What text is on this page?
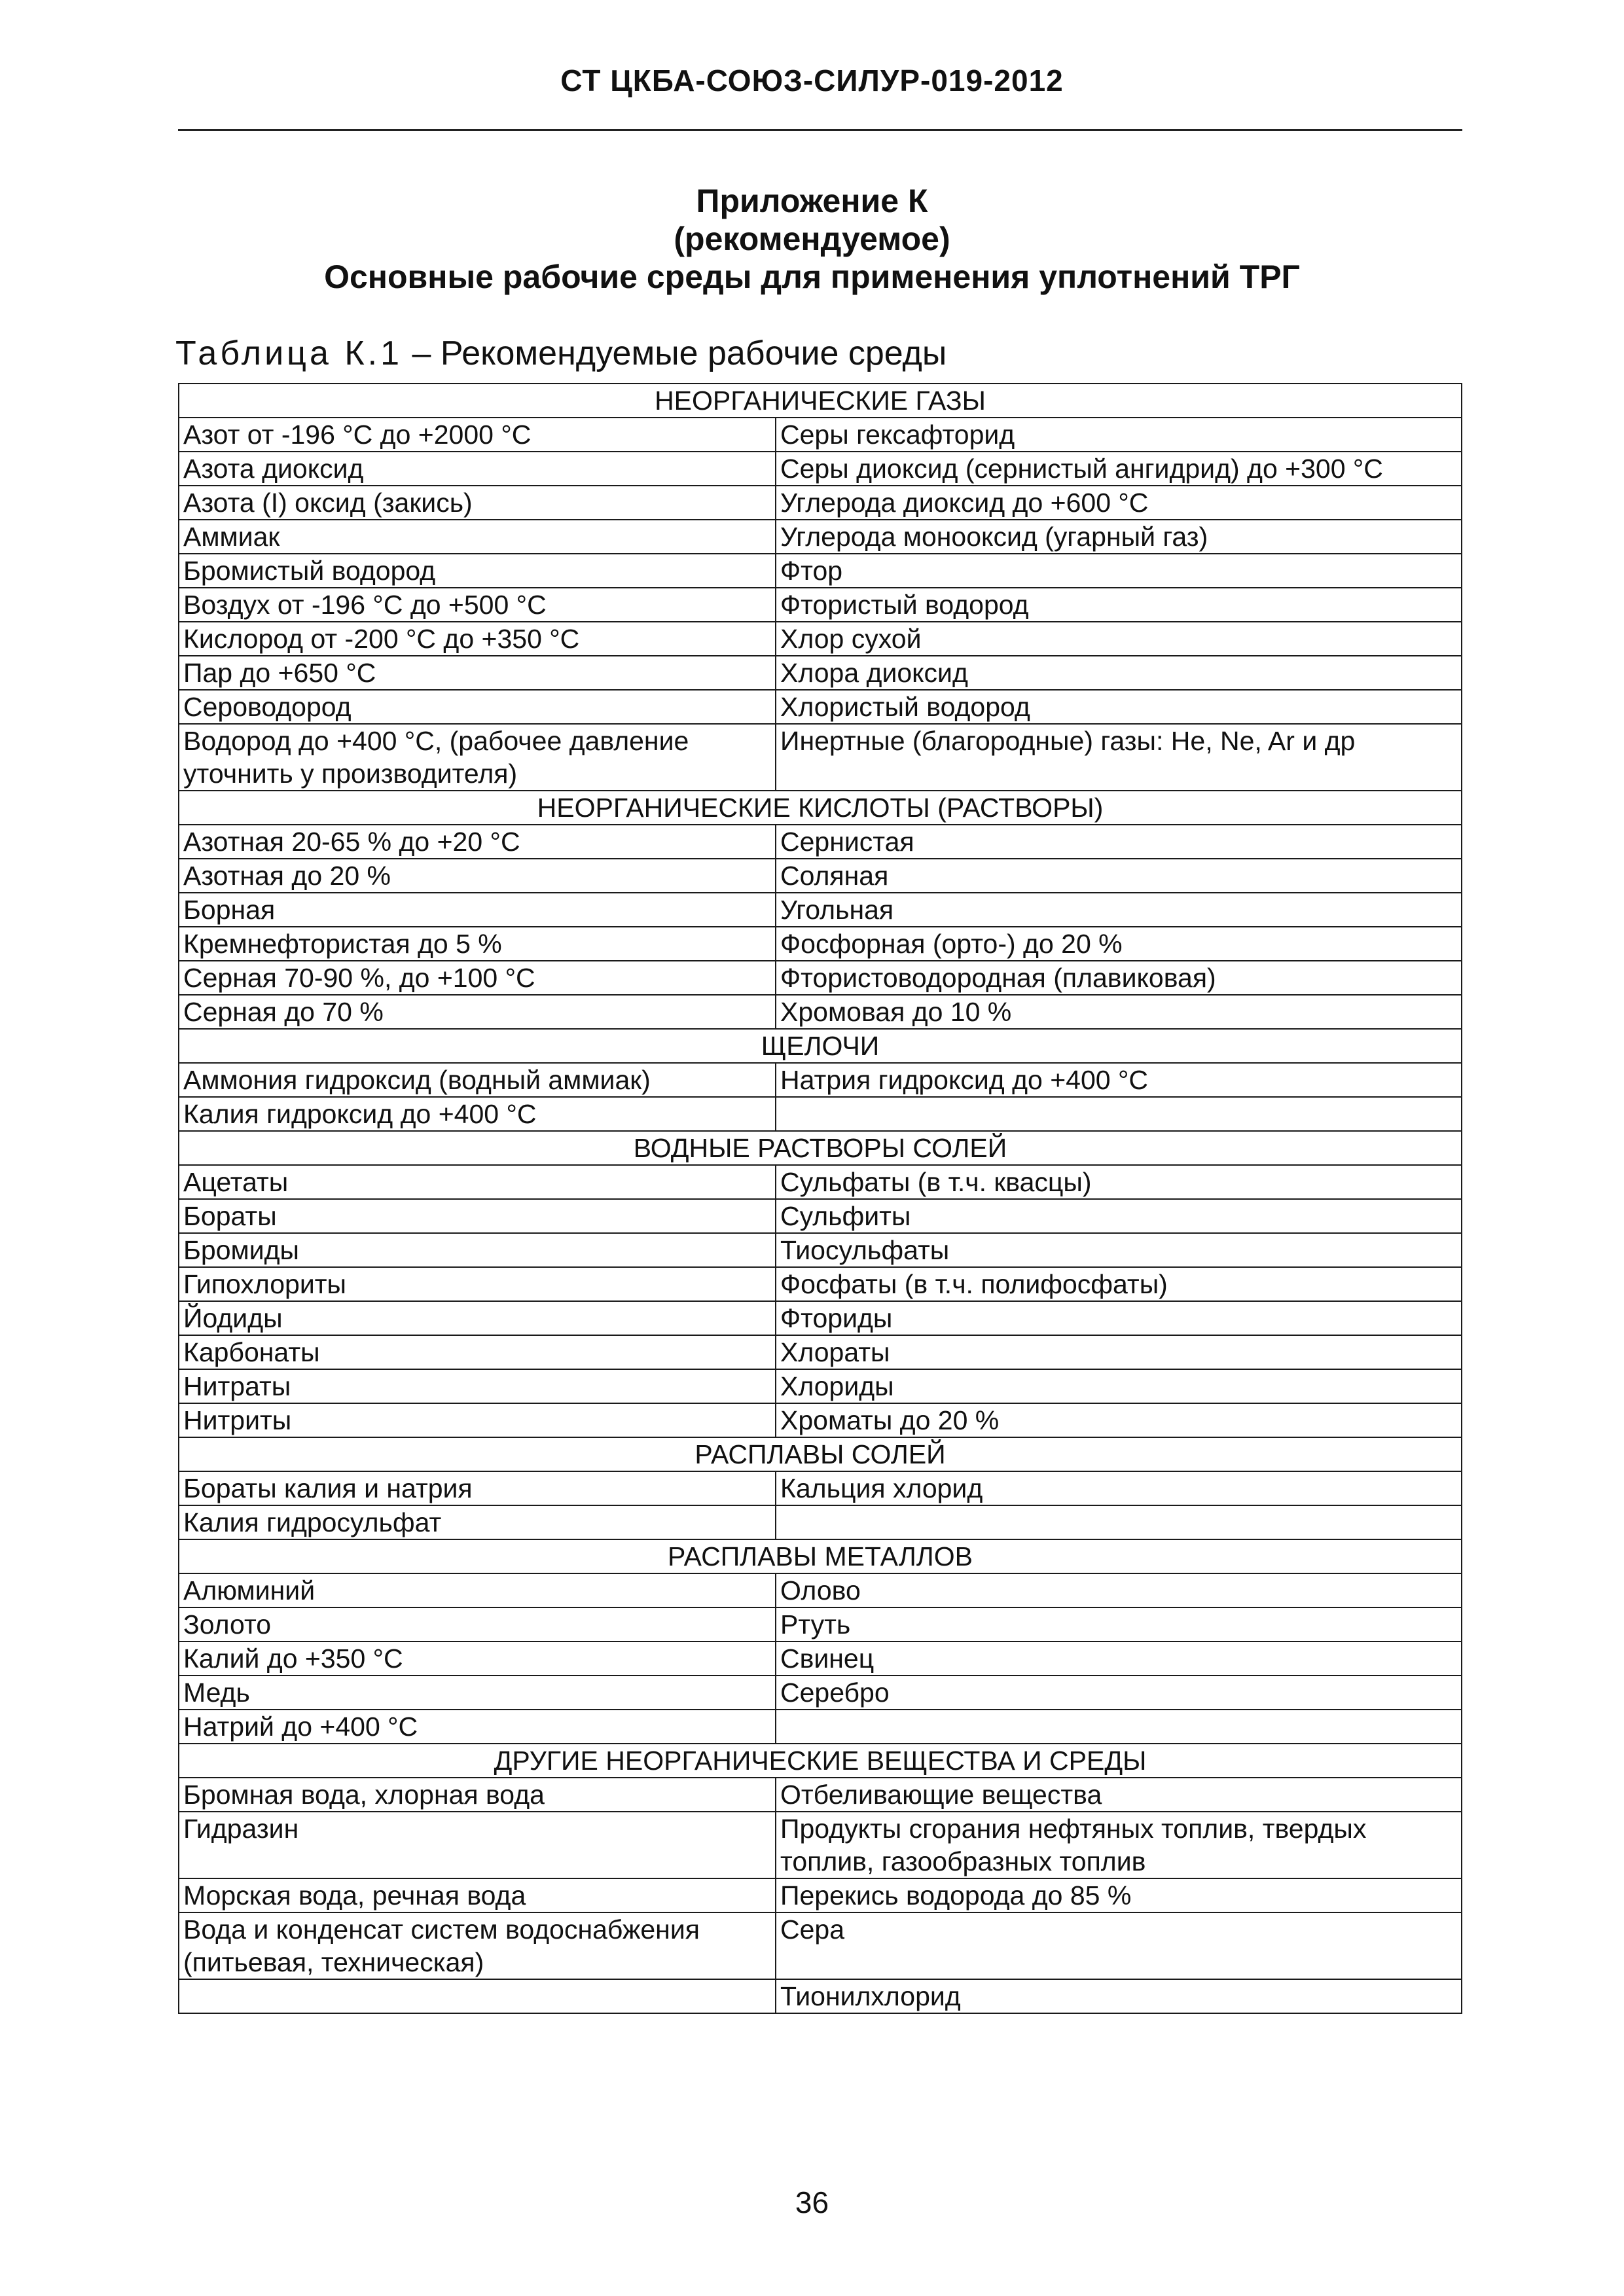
СТ ЦКБА-СОЮЗ-СИЛУР-019-2012
Приложение К
(рекомендуемое)
Основные рабочие среды для применения уплотнений ТРГ
Таблица К.1 – Рекомендуемые рабочие среды
НЕОРГАНИЧЕСКИЕ ГАЗЫ	
Азот от -196 °С до +2000 °С	Серы гексафторид
Азота диоксид	Серы диоксид (сернистый ангидрид) до +300 °С
Азота (I) оксид (закись)	Углерода диоксид до +600 °С
Аммиак	Углерода монооксид (угарный газ)
Бромистый водород	Фтор
Воздух от -196 °С до +500 °С	Фтористый водород
Кислород от -200 °С до +350 °С	Хлор сухой
Пар до +650 °С	Хлора диоксид
Сероводород	Хлористый водород
Водород до +400 °С, (рабочее давление уточнить у производителя)	Инертные (благородные) газы: He, Ne, Ar и др
НЕОРГАНИЧЕСКИЕ КИСЛОТЫ (РАСТВОРЫ)	
Азотная 20-65 % до +20 °С	Сернистая
Азотная до 20 %	Соляная
Борная	Угольная
Кремнефтористая до 5 %	Фосфорная (орто-) до 20 %
Серная 70-90 %, до +100 °С	Фтористоводородная (плавиковая)
Серная до 70 %	Хромовая до 10 %
ЩЕЛОЧИ	
Аммония гидроксид (водный аммиак)	Натрия гидроксид до +400 °С
Калия гидроксид до +400 °С	
ВОДНЫЕ РАСТВОРЫ СОЛЕЙ	
Ацетаты	Сульфаты (в т.ч. квасцы)
Бораты	Сульфиты
Бромиды	Тиосульфаты
Гипохлориты	Фосфаты (в т.ч. полифосфаты)
Йодиды	Фториды
Карбонаты	Хлораты
Нитраты	Хлориды
Нитриты	Хроматы до 20 %
РАСПЛАВЫ СОЛЕЙ	
Бораты калия и натрия	Кальция хлорид
Калия гидросульфат	
РАСПЛАВЫ МЕТАЛЛОВ	
Алюминий	Олово
Золото	Ртуть
Калий до +350 °С	Свинец
Медь	Серебро
Натрий до +400 °С	
ДРУГИЕ НЕОРГАНИЧЕСКИЕ ВЕЩЕСТВА И СРЕДЫ	
Бромная вода, хлорная вода	Отбеливающие вещества
Гидразин	Продукты сгорания нефтяных топлив, твердых топлив, газообразных топлив
Морская вода, речная вода	Перекись водорода до 85 %
Вода и конденсат систем водоснабжения (питьевая, техническая)	Сера
	Тионилхлорид
36
